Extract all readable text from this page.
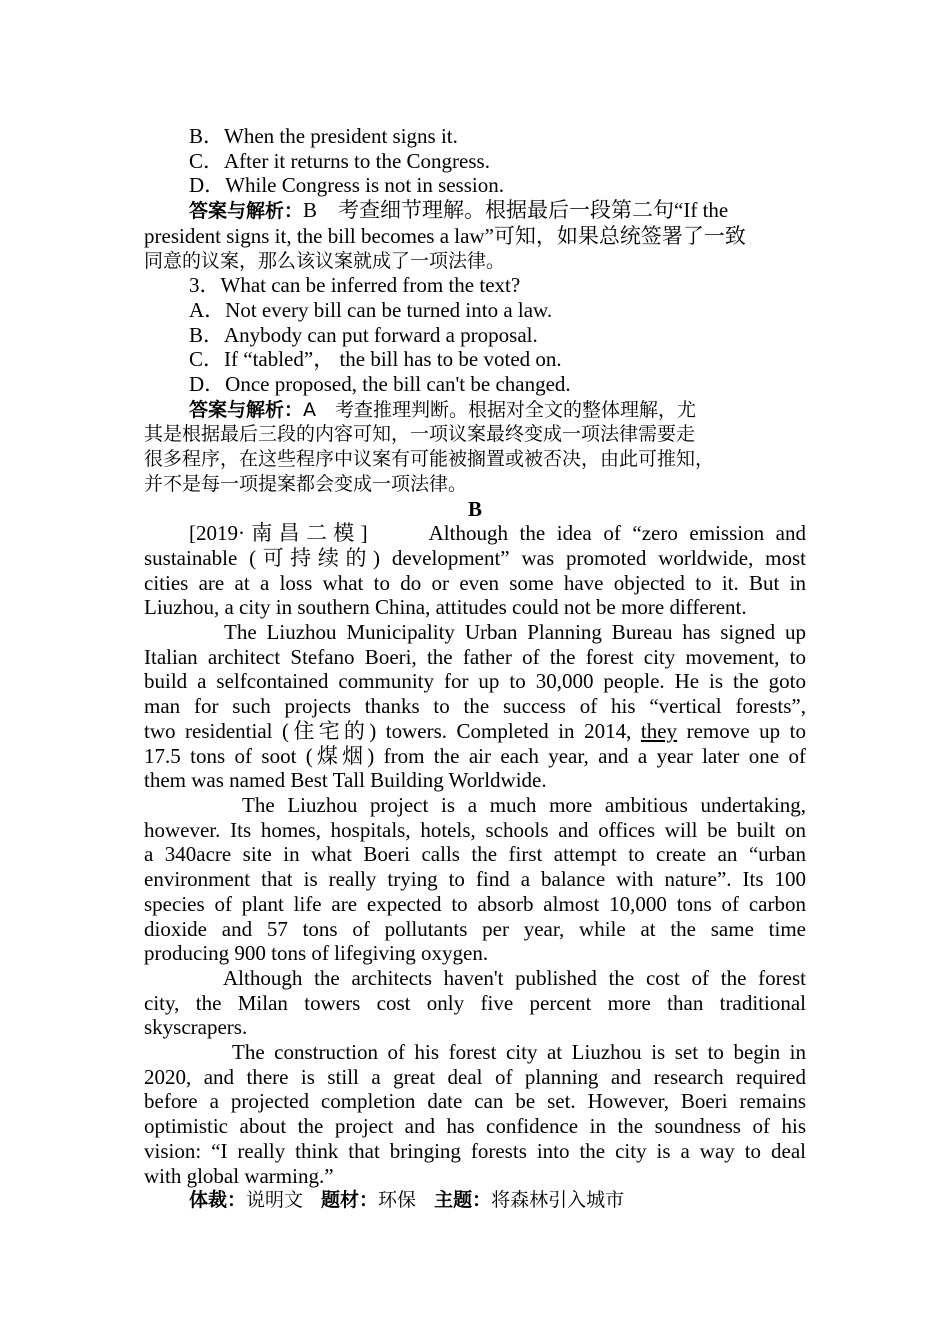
B．When the president signs it.
C．After it returns to the Congress.
D．While Congress is not in session.
答案与解析：B　考查细节理解。根据最后一段第二句“If the
president signs it, the bill becomes a law”可知，如果总统签署了一致
同意的议案，那么该议案就成了一项法律。
3．What can be inferred from the text?
A．Not every bill can be turned into a law.
B．Anybody can put forward a proposal.
C．If “tabled”， the bill has to be voted on.
D．Once proposed, the bill can't be changed.
答案与解析：A　考查推理判断。根据对全文的整体理解，尤
其是根据最后三段的内容可知，一项议案最终变成一项法律需要走
很多程序，在这些程序中议案有可能被搁置或被否决，由此可推知，
并不是每一项提案都会变成一项法律。
B
[2019·南昌二模]　　Although the idea of “zero emission and
sustainable (可持续的) development” was promoted worldwide, most
cities are at a loss what to do or even some have objected to it. But in
Liuzhou, a city in southern China, attitudes could not be more different.
The Liuzhou Municipality Urban Planning Bureau has signed up
Italian architect Stefano Boeri, the father of the forest city movement, to
build a selfcontained community for up to 30,000 people. He is the goto
man for such projects thanks to the success of his “vertical forests”,
two residential (住宅的) towers. Completed in 2014, they remove up to
17.5 tons of soot (煤烟) from the air each year, and a year later one of
them was named Best Tall Building Worldwide.
The Liuzhou project is a much more ambitious undertaking,
however. Its homes, hospitals, hotels, schools and offices will be built on
a 340acre site in what Boeri calls the first attempt to create an “urban
environment that is really trying to find a balance with nature”. Its 100
species of plant life are expected to absorb almost 10,000 tons of carbon
dioxide and 57 tons of pollutants per year, while at the same time
producing 900 tons of lifegiving oxygen.
Although the architects haven't published the cost of the forest
city, the Milan towers cost only five percent more than traditional
skyscrapers.
The construction of his forest city at Liuzhou is set to begin in
2020, and there is still a great deal of planning and research required
before a projected completion date can be set. However, Boeri remains
optimistic about the project and has confidence in the soundness of his
vision: “I really think that bringing forests into the city is a way to deal
with global warming.”
体裁：说明文 题材：环保 主题：将森林引入城市
